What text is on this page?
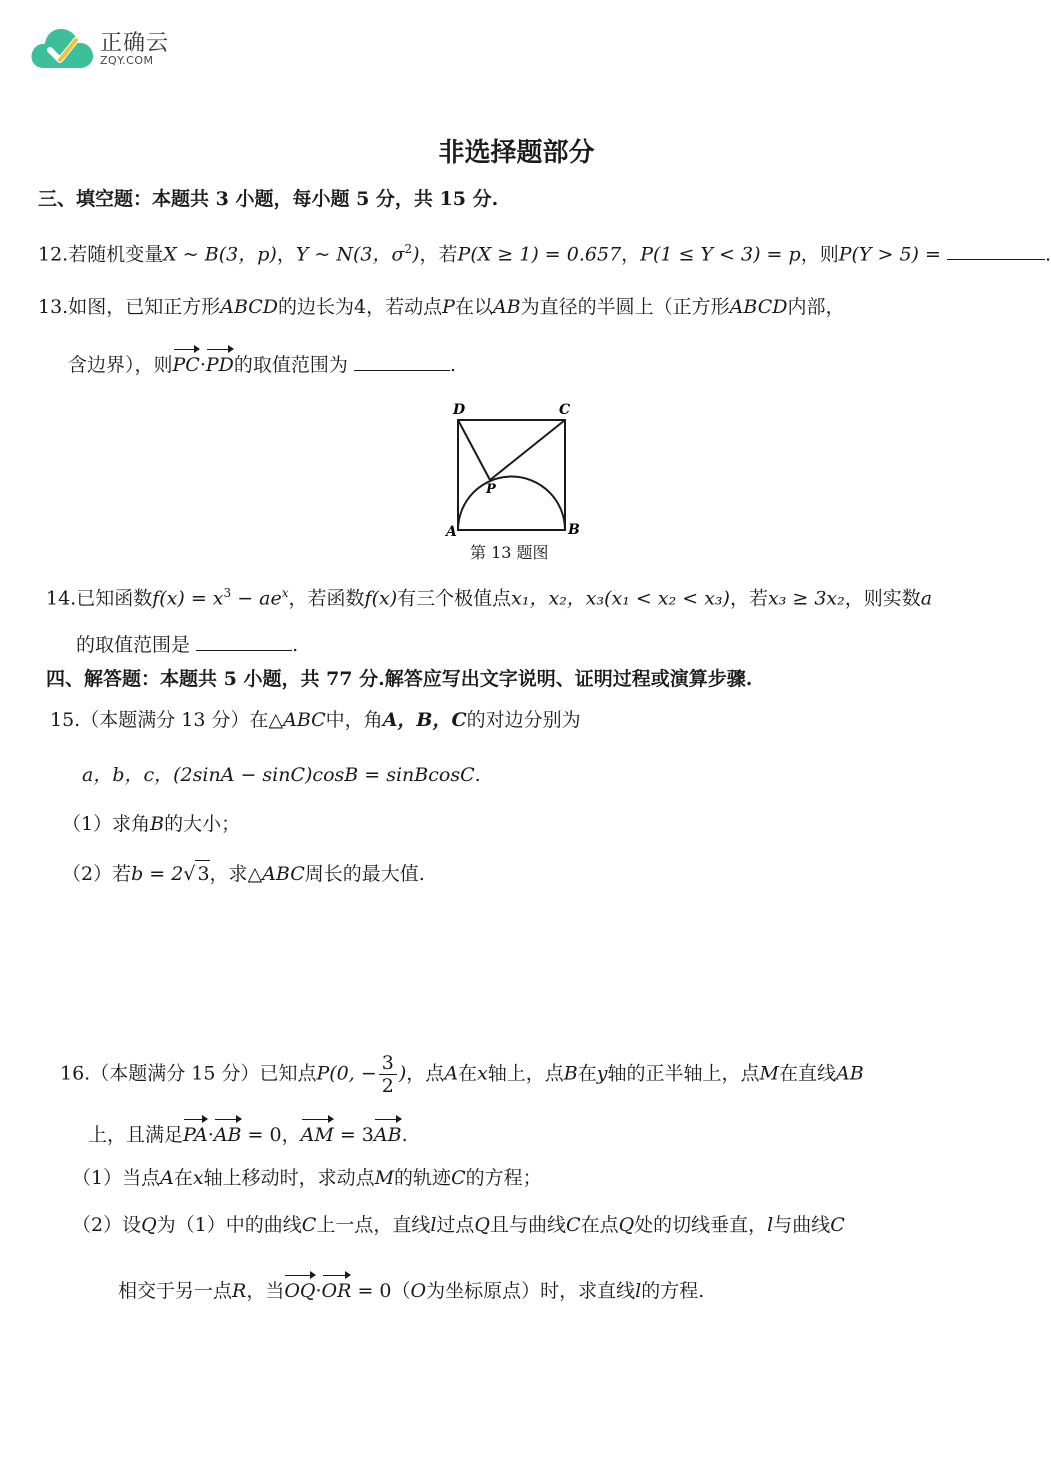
正确云
ZQY.COM
非选择题部分
三、填空题：本题共 3 小题，每小题 5 分，共 15 分.
12.若随机变量X ~ B(3，p)，Y ~ N(3，$\sigma^2$)，若P(X ≥ 1) = 0.657，P(1 ≤ Y < 3) = p，则P(Y > 5) =	.
13.如图，已知正方形ABCD的边长为4，若动点P在以AB为直径的半圆上（正方形ABCD内部，
含边界），则PC·PD的取值范围为	.
D	C
A	B
P
第 13 题图
14.已知函数$f(x) = x^3 - ae^x$，若函数f(x)有三个极值点x₁，x₂，x₃(x₁ < x₂ < x₃)，若x₃ ≥ 3x₂，则实数a
的取值范围是	.
四、解答题：本题共 5 小题，共 77 分.解答应写出文字说明、证明过程或演算步骤.
15.（本题满分 13 分）在△ABC中，角A，B，C的对边分别为
a，b，c，(2sinA − sinC)cosB = sinBcosC.
（1）求角B的大小；
（2）若b = 2√ 3，求△ABC周长的最大值.
16.（本题满分 15 分）已知点P(0, − $\frac{3}{2}$ )，点A在x轴上，点B在y轴的正半轴上，点M在直线AB
上，且满足PA·AB = 0，AM = 3AB.
（1）当点A在x轴上移动时，求动点M的轨迹C的方程；
（2）设Q为（1）中的曲线C上一点，直线l过点Q且与曲线C在点Q处的切线垂直，l与曲线C
相交于另一点R，当OQ·OR = 0（O为坐标原点）时，求直线l的方程.
